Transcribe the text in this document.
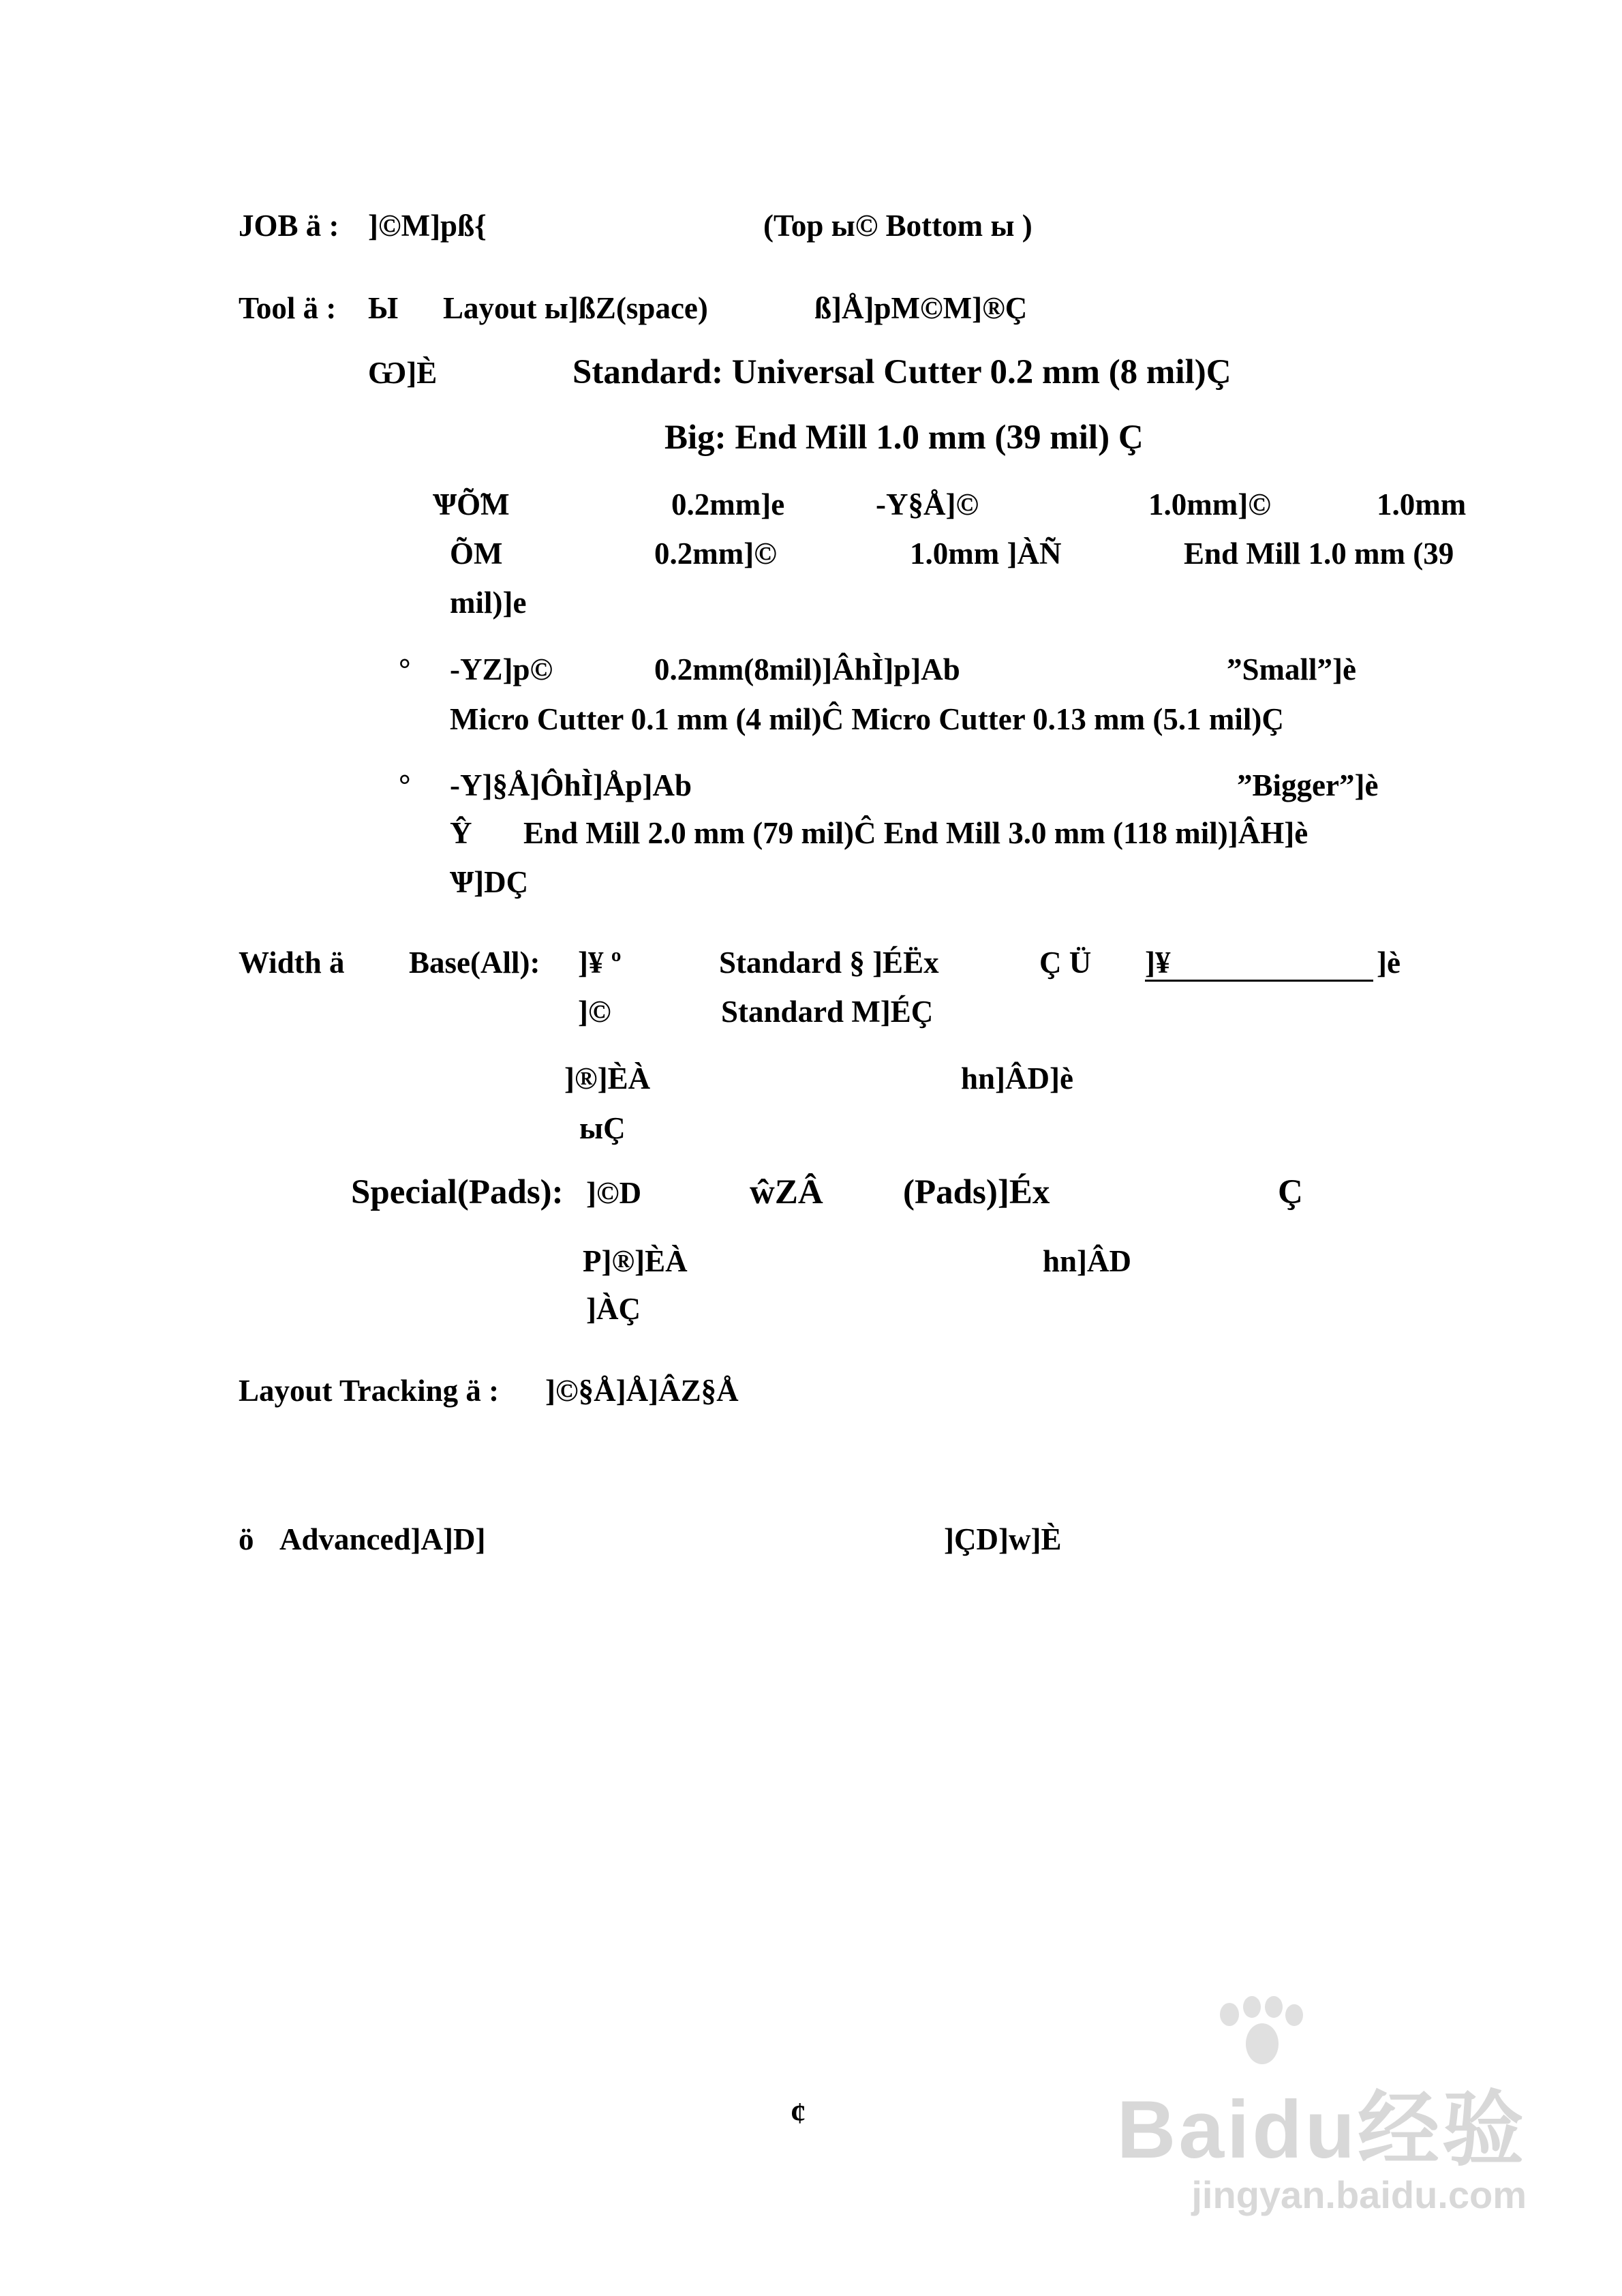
JOB ä : ]©M]pß{	(Top ы© Bottom ы )
Tool ä : Ы Layout ы]ßZ(space)	ß]Å]pМ©M]®Ç
Ѡ]È	Standard: Universal Cutter 0.2 mm (8 mil)Ç
Big: End Mill 1.0 mm (39 mil) Ç
ѰÕ̃M	0.2mm]e	-Y§Å]©	1.0mm]©	1.0mm
ÕM	0.2mm]©	1.0mm ]ÀÑ	End Mill 1.0 mm (39
mil)]e
° -YZ]p©	0.2mm(8mil)]ÂhÌ]p]Ab	”Small”]è
Micro Cutter 0.1 mm (4 mil)Ĉ Micro Cutter 0.13 mm (5.1 mil)Ç
° -Y]§Å]ÔhÌ]Åp]Ab	”Bigger”]è
Ŷ End Mill 2.0 mm (79 mil)Ĉ End Mill 3.0 mm (118 mil)]ÂH]è
Ѱ]DÇ
Width ä Base(All): ]¥ º	Standard § ]ÉËx	Ç Ü ]¥	]è
]©	Standard M]ÉÇ
]®]ÈÀ	hn]ÂD]è
ыÇ
Special(Pads): ]©D	ŵZÂ (Pads)]Éx	Ç
P]®]ÈÀ	hn]ÂD
]ÀÇ
Layout Tracking ä : ]©§Å]Å]ÂZ§Å
ö Advanced]A]D]	]ÇD]w]È
ȼ	Baidu经验
jingyan.baidu.com
